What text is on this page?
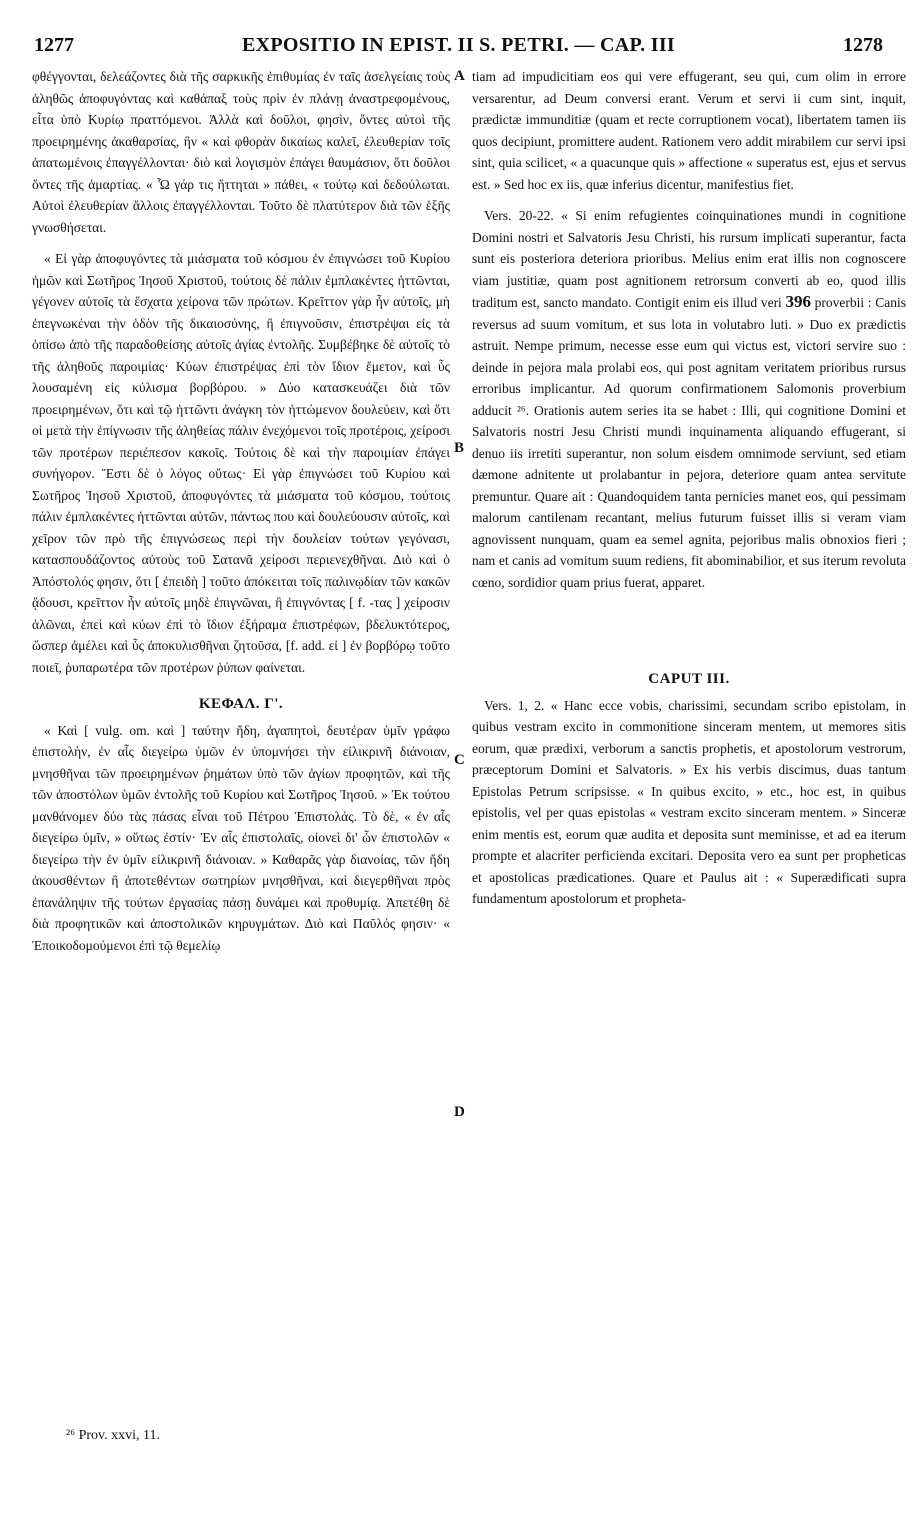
1277	EXPOSITIO IN EPIST. II S. PETRI. — CAP. III	1278

φθέγγονται, δελεάζοντες διὰ τῆς σαρκικῆς ἐπιθυμίας ἐν ταῖς ἀσελγείαις τοὺς ἀληθῶς ἀποφυγόντας καὶ καθάπαξ τοὺς πρὶν ἐν πλάνῃ ἀναστρεφομένους, εἶτα ὑπὸ Κυρίῳ πραττόμενοι. Ἀλλὰ καὶ δοῦλοι, φησὶν, ὄντες αὐτοὶ τῆς προειρημένης ἀκαθαρσίας, ἣν « καὶ φθορὰν δικαίως καλεῖ, ἐλευθερίαν τοῖς ἀπατωμένοις ἐπαγγέλλονται· διὸ καὶ λογισμὸν ἐπάγει θαυμάσιον, ὅτι δοῦλοι ὄντες τῆς ἁμαρτίας. « Ὧ γάρ τις ἥττηται » πάθει, « τούτῳ καὶ δεδούλωται. Αὐτοὶ ἐλευθερίαν ἄλλοις ἐπαγγέλλονται. Τοῦτο δὲ πλατύτερον διὰ τῶν ἑξῆς γνωσθήσεται.

« Εἰ γὰρ ἀποφυγόντες τὰ μιάσματα τοῦ κόσμου ἐν ἐπιγνώσει τοῦ Κυρίου ἡμῶν καὶ Σωτῆρος Ἰησοῦ Χριστοῦ, τούτοις δὲ πάλιν ἐμπλακέντες ἡττῶνται, γέγονεν αὐτοῖς τὰ ἔσχατα χείρονα τῶν πρώτων. Κρεῖττον γὰρ ἦν αὐτοῖς, μὴ ἐπεγνωκέναι τὴν ὁδὸν τῆς δικαιοσύνης, ἢ ἐπιγνοῦσιν, ἐπιστρέψαι εἰς τὰ ὀπίσω ἀπὸ τῆς παραδοθείσης αὐτοῖς ἁγίας ἐντολῆς. Συμβέβηκε δὲ αὐτοῖς τὸ τῆς ἀληθοῦς παροιμίας· Κύων ἐπιστρέψας ἐπὶ τὸν ἴδιον ἔμετον, καὶ ὗς λουσαμένη εἰς κύλισμα βορβόρου. » Δύο κατασκευάζει διὰ τῶν προειρημένων, ὅτι καὶ τῷ ἡττῶντι ἀνάγκη τὸν ἡττώμενον δουλεύειν, καὶ ὅτι οἱ μετὰ τὴν ἐπίγνωσιν τῆς ἀληθείας πάλιν ἐνεχόμενοι τοῖς προτέροις, χείροσι τῶν προτέρων περιέπεσον κακοῖς. Τούτοις δὲ καὶ τὴν παροιμίαν ἐπάγει συνήγορον. Ἔστι δὲ ὁ λόγος οὕτως· Εἰ γὰρ ἐπιγνώσει τοῦ Κυρίου καὶ Σωτῆρος Ἰησοῦ Χριστοῦ, ἀποφυγόντες τὰ μιάσματα τοῦ κόσμου, τούτοις πάλιν ἐμπλακέντες ἡττῶνται αὐτῶν, πάντως που καὶ δουλεύουσιν αὐτοῖς, καὶ χεῖρον τῶν πρὸ τῆς ἐπιγνώσεως περὶ τὴν δουλείαν τούτων γεγόνασι, κατασπουδάζοντος αὐτοὺς τοῦ Σατανᾶ χείροσι περιενεχθῆναι. Διὸ καὶ ὁ Ἀπόστολός φησιν, ὅτι [ ἐπειδὴ ] τοῦτο ἀπόκειται τοῖς παλινῳδίαν τῶν κακῶν ᾄδουσι, κρεῖττον ἦν αὐτοῖς μηδὲ ἐπιγνῶναι, ἢ ἐπιγνόντας [ f. -τας ] χείροσιν ἁλῶναι, ἐπεὶ καὶ κύων ἐπὶ τὸ ἴδιον ἐξήραμα ἐπιστρέφων, βδελυκτότερος, ὥσπερ ἀμέλει καὶ ὗς ἀποκυλισθῆναι ζητοῦσα, [f. add. εἰ ] ἐν βορβόρῳ τοῦτο ποιεῖ, ῥυπαρωτέρα τῶν προτέρων ῥύπων φαίνεται.

ΚΕΦΑΛ. Γ'.

« Καὶ [ vulg. om. καὶ ] ταύτην ἤδη, ἀγαπητοὶ, δευτέραν ὑμῖν γράφω ἐπιστολὴν, ἐν αἷς διεγείρω ὑμῶν ἐν ὑπομνήσει τὴν εἰλικρινῆ διάνοιαν, μνησθῆναι τῶν προειρημένων ῥημάτων ὑπὸ τῶν ἁγίων προφητῶν, καὶ τῆς τῶν ἀποστόλων ὑμῶν ἐντολῆς τοῦ Κυρίου καὶ Σωτῆρος Ἰησοῦ. » Ἐκ τούτου μανθάνομεν δύο τὰς πάσας εἶναι τοῦ Πέτρου Ἐπιστολάς. Τὸ δὲ, « ἐν αἷς διεγείρω ὑμῖν, » οὕτως ἐστίν· Ἐν αἷς ἐπιστολαῖς, οἱονεὶ δι' ὧν ἐπιστολῶν « διεγείρω τὴν ἐν ὑμῖν εἰλικρινῆ διάνοιαν. » Καθαρᾶς γὰρ διανοίας, τῶν ἤδη ἀκουσθέντων ἢ ἀποτεθέντων σωτηρίων μνησθῆναι, καὶ διεγερθῆναι πρὸς ἐπανάληψιν τῆς τούτων ἐργασίας πάσῃ δυνάμει καὶ προθυμίᾳ. Ἀπετέθη δὲ διὰ προφητικῶν καὶ ἀποστολικῶν κηρυγμάτων. Διὸ καὶ Παῦλός φησιν· « Ἐποικοδομούμενοι ἐπὶ τῷ θεμελίῳ

tiam ad impudicitiam eos qui vere effugerant, seu qui, cum olim in errore versarentur, ad Deum conversi erant. Verum et servi ii cum sint, inquit, prædictæ immunditiæ (quam et recte corruptionem vocat), libertatem tamen iis quos decipiunt, promittere audent. Rationem vero addit mirabilem cur servi ipsi sint, quia scilicet, « a quacunque quis » affectione « superatus est, ejus et servus est. » Sed hoc ex iis, quæ inferius dicentur, manifestius fiet.

Vers. 20-22. « Si enim refugientes coinquinationes mundi in cognitione Domini nostri et Salvatoris Jesu Christi, his rursum implicati superantur, facta sunt eis posteriora deteriora prioribus. Melius enim erat illis non cognoscere viam justitiæ, quam post agnitionem retrorsum converti ab eo, quod illis traditum est, sancto mandato. Contigit enim eis illud veri 396 proverbii : Canis reversus ad suum vomitum, et sus lota in volutabro luti. » Duo ex prædictis astruit. Nempe primum, necesse esse eum qui victus est, victori servire suo : deinde in pejora mala prolabi eos, qui post agnitam veritatem prioribus rursus erroribus implicantur. Ad quorum confirmationem Salomonis proverbium adducit ²⁶. Orationis autem series ita se habet : Illi, qui cognitione Domini et Salvatoris nostri Jesu Christi mundi inquinamenta aliquando effugerant, si denuo iis irretiti superantur, non solum eisdem omnimode serviunt, sed etiam dæmone adnitente ut prolabantur in pejora, deteriore quam antea servitute premuntur. Quare ait : Quandoquidem tanta pernicies manet eos, qui pessimam malorum cantilenam recantant, melius futurum fuisset illis si veram viam agnovissent nunquam, quam ea semel agnita, pejoribus malis obnoxios fieri ; nam et canis ad vomitum suum rediens, fit abominabilior, et sus iterum revoluta cœno, sordidior quam prius fuerat, apparet.

CAPUT III.

Vers. 1, 2. « Hanc ecce vobis, charissimi, secundam scribo epistolam, in quibus vestram excito in commonitione sinceram mentem, ut memores sitis eorum, quæ prædixi, verborum a sanctis prophetis, et apostolorum vestrorum, præceptorum Domini et Salvatoris. » Ex his verbis discimus, duas tantum Epistolas Petrum scripsisse. « In quibus excito, » etc., hoc est, in quibus epistolis, vel per quas epistolas « vestram excito sinceram mentem. » Sinceræ enim mentis est, eorum quæ audita et deposita sunt meminisse, et ad ea iterum prompte et alacriter perficienda excitari. Deposita vero ea sunt per propheticas et apostolicas prædicationes. Quare et Paulus ait : « Superædificati supra fundamentum apostolorum et propheta-

A
B
C
D
²⁶ Prov. xxvi, 11.
